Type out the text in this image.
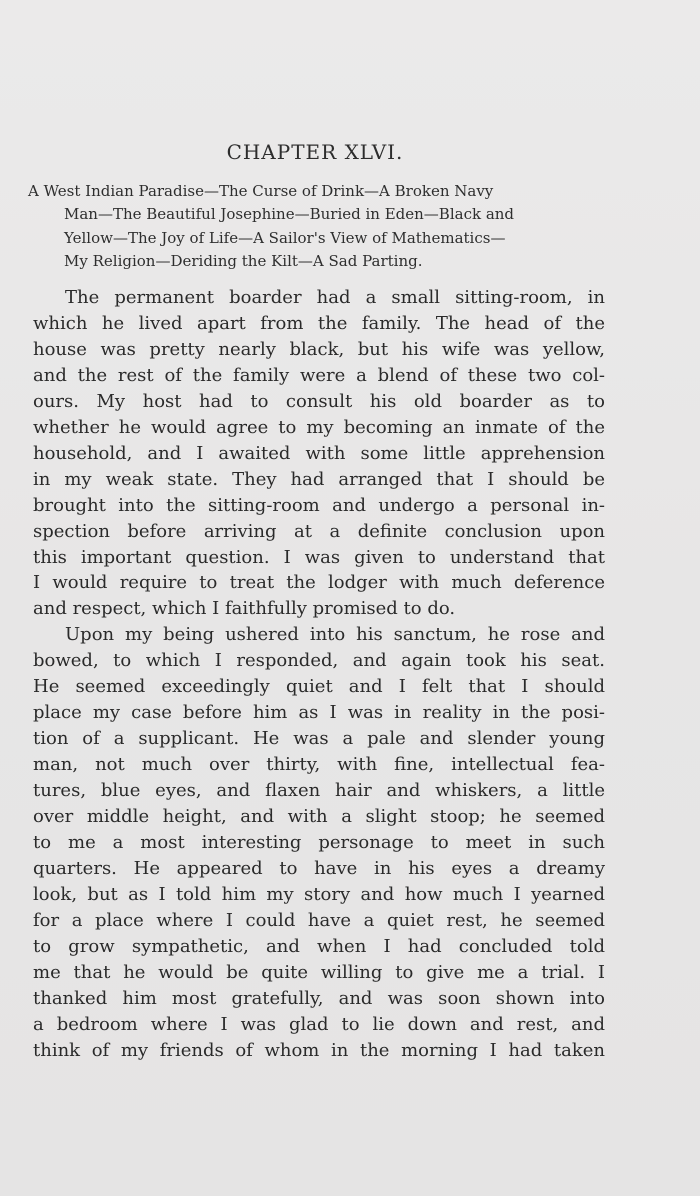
CHAPTER XLVI.
A West Indian Paradise—The Curse of Drink—A Broken Navy
Man—The Beautiful Josephine—Buried in Eden—Black and
Yellow—The Joy of Life—A Sailor's View of Mathematics—
My Religion—Deriding the Kilt—A Sad Parting.
The permanent boarder had a small sitting-room, in
which he lived apart from the family. The head of the
house was pretty nearly black, but his wife was yellow,
and the rest of the family were a blend of these two col-
ours. My host had to consult his old boarder as to
whether he would agree to my becoming an inmate of the
household, and I awaited with some little apprehension
in my weak state. They had arranged that I should be
brought into the sitting-room and undergo a personal in-
spection before arriving at a definite conclusion upon
this important question. I was given to understand that
I would require to treat the lodger with much deference
and respect, which I faithfully promised to do.
Upon my being ushered into his sanctum, he rose and
bowed, to which I responded, and again took his seat.
He seemed exceedingly quiet and I felt that I should
place my case before him as I was in reality in the posi-
tion of a supplicant. He was a pale and slender young
man, not much over thirty, with fine, intellectual fea-
tures, blue eyes, and flaxen hair and whiskers, a little
over middle height, and with a slight stoop; he seemed
to me a most interesting personage to meet in such
quarters. He appeared to have in his eyes a dreamy
look, but as I told him my story and how much I yearned
for a place where I could have a quiet rest, he seemed
to grow sympathetic, and when I had concluded told
me that he would be quite willing to give me a trial. I
thanked him most gratefully, and was soon shown into
a bedroom where I was glad to lie down and rest, and
think of my friends of whom in the morning I had taken
